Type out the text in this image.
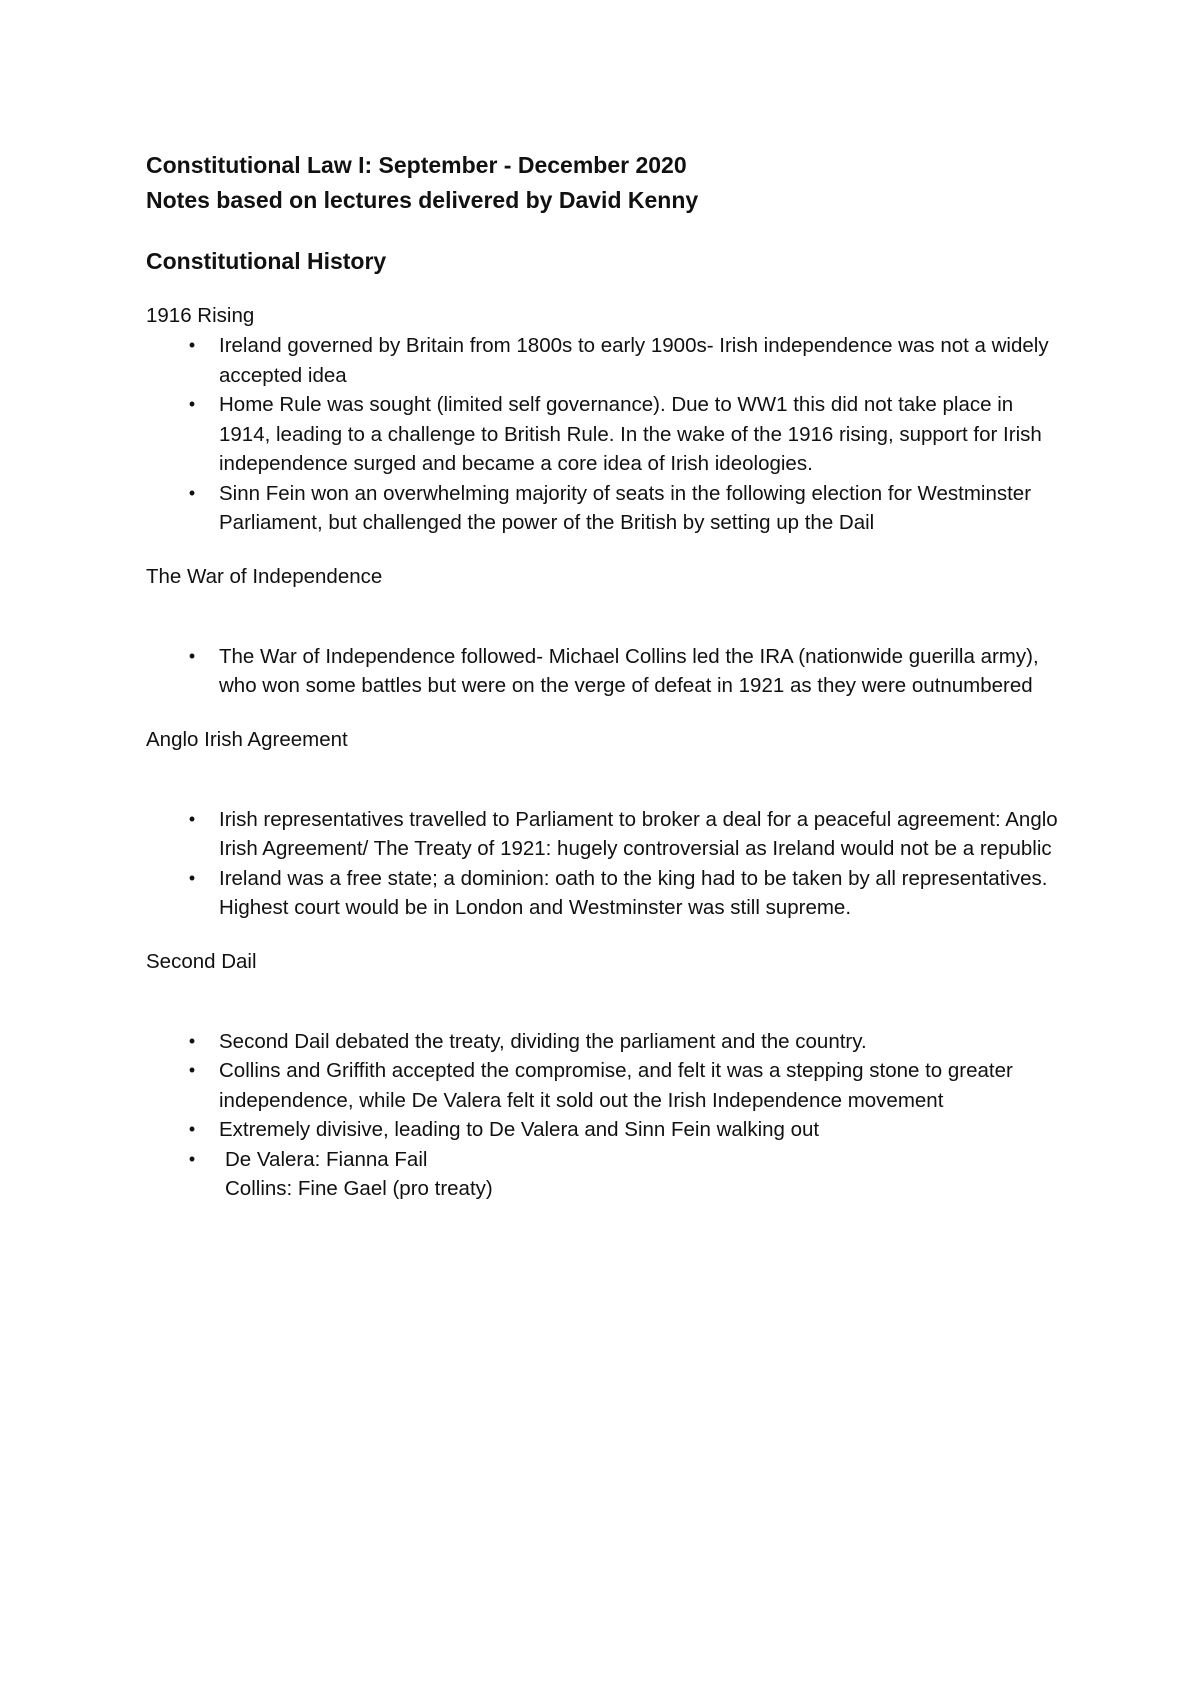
Constitutional Law I: September - December 2020

Notes based on lectures delivered by David Kenny

Constitutional History

1916 Rising

•	Ireland governed by Britain from 1800s to early 1900s- Irish independence was not a widely accepted idea
•	Home Rule was sought (limited self governance). Due to WW1 this did not take place in 1914, leading to a challenge to British Rule. In the wake of the 1916 rising, support for Irish independence surged and became a core idea of Irish ideologies.
•	Sinn Fein won an overwhelming majority of seats in the following election for Westminster Parliament, but challenged the power of the British by setting up the Dail

The War of Independence

•	The War of Independence followed- Michael Collins led the IRA (nationwide guerilla army), who won some battles but were on the verge of defeat in 1921 as they were outnumbered

Anglo Irish Agreement

•	Irish representatives travelled to Parliament to broker a deal for a peaceful agreement: Anglo Irish Agreement/ The Treaty of 1921: hugely controversial as Ireland would not be a republic
•	Ireland was a free state; a dominion: oath to the king had to be taken by all representatives. Highest court would be in London and Westminster was still supreme.

Second Dail

•	Second Dail debated the treaty, dividing the parliament and the country.
•	Collins and Griffith accepted the compromise, and felt it was a stepping stone to greater independence, while De Valera felt it sold out the Irish Independence movement
•	Extremely divisive, leading to De Valera and Sinn Fein walking out
•	De Valera: Fianna Fail
Collins: Fine Gael (pro treaty)
